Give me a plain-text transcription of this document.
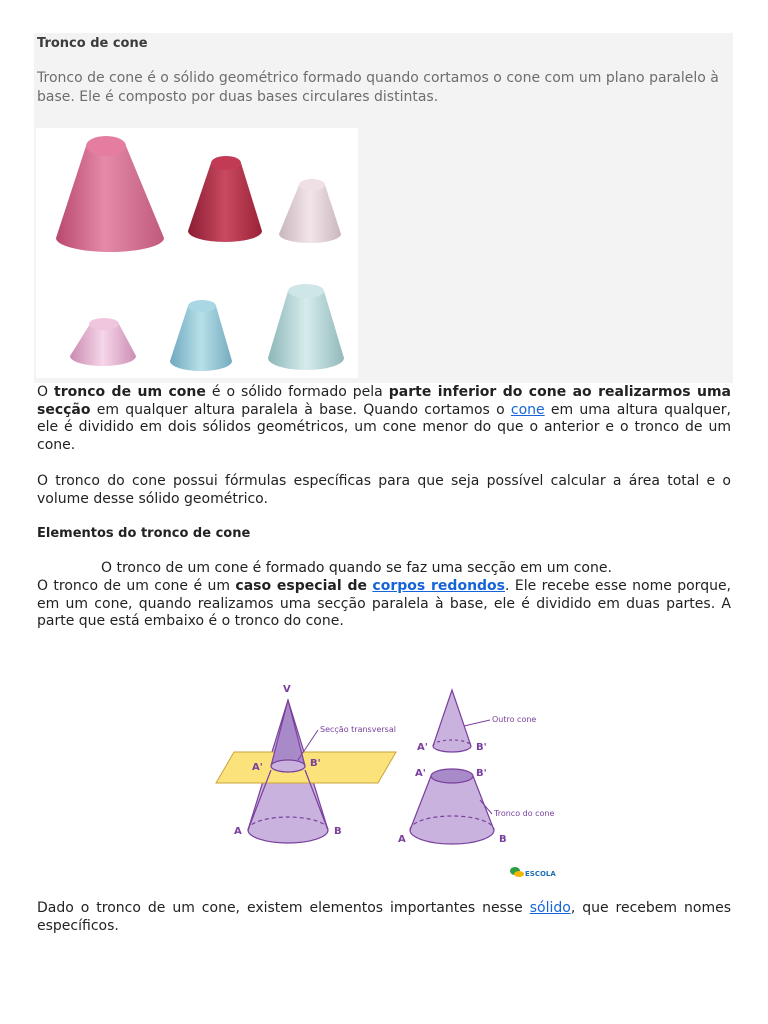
Tronco de cone
Tronco de cone é o sólido geométrico formado quando cortamos o cone com um plano paralelo à base. Ele é composto por duas bases circulares distintas.
O tronco de um cone é o sólido formado pela parte inferior do cone ao realizarmos uma secção em qualquer altura paralela à base. Quando cortamos o cone em uma altura qualquer, ele é dividido em dois sólidos geométricos, um cone menor do que o anterior e o tronco de um cone.
O tronco do cone possui fórmulas específicas para que seja possível calcular a área total e o volume desse sólido geométrico.
Elementos do tronco de cone
O tronco de um cone é formado quando se faz uma secção em um cone.
O tronco de um cone é um caso especial de corpos redondos. Ele recebe esse nome porque, em um cone, quando realizamos uma secção paralela à base, ele é dividido em duas partes. A parte que está embaixo é o tronco do cone.
V
A	B
A'	B'
Secção transversal
Outro cone
Tronco do cone
A'	B'
A'	B'
A	B
ESCOLA
Dado o tronco de um cone, existem elementos importantes nesse sólido, que recebem nomes específicos.
